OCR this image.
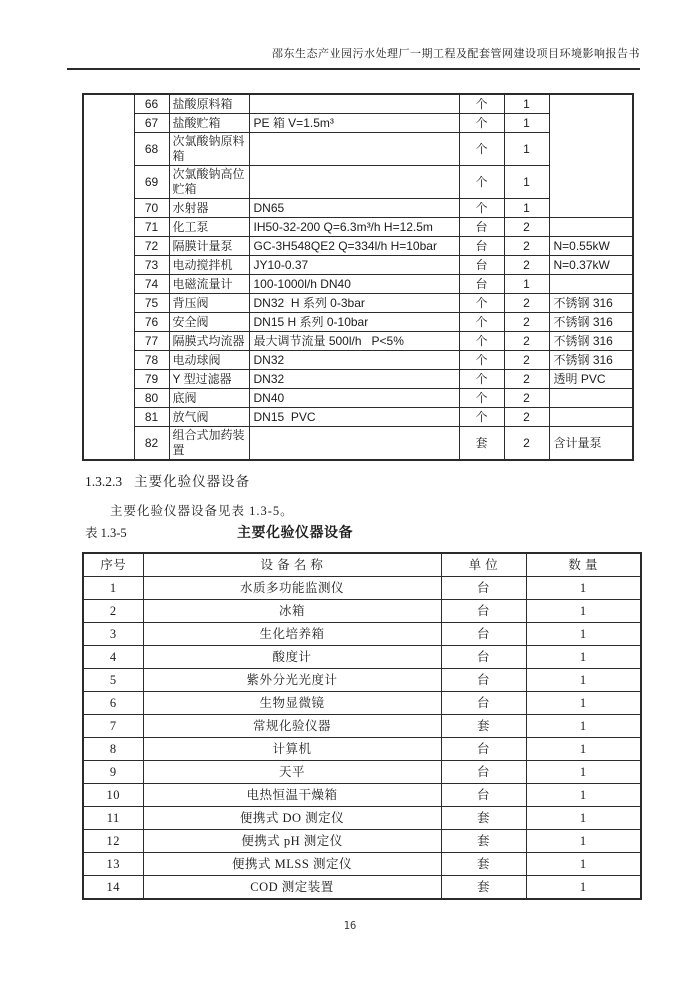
邵东生态产业园污水处理厂一期工程及配套管网建设项目环境影响报告书
	66	盐酸原料箱		个	1	
	67	盐酸贮箱	PE 箱 V=1.5m³	个	1	
	68	次氯酸钠原料箱		个	1	
	69	次氯酸钠高位贮箱		个	1	
	70	水射器	DN65	个	1	
	71	化工泵	IH50-32-200 Q=6.3m³/h H=12.5m	台	2	
	72	隔膜计量泵	GC-3H548QE2 Q=334l/h H=10bar	台	2	N=0.55kW
	73	电动搅拌机	JY10-0.37	台	2	N=0.37kW
	74	电磁流量计	100-1000l/h DN40	台	1	
	75	背压阀	DN32  H 系列 0-3bar	个	2	不锈钢 316
	76	安全阀	DN15 H 系列 0-10bar	个	2	不锈钢 316
	77	隔膜式均流器	最大调节流量 500l/h   P<5%	个	2	不锈钢 316
	78	电动球阀	DN32	个	2	不锈钢 316
	79	Y 型过滤器	DN32	个	2	透明 PVC
	80	底阀	DN40	个	2	
	81	放气阀	DN15  PVC	个	2	
	82	组合式加药装置		套	2	含计量泵
1.3.2.3 主要化验仪器设备
主要化验仪器设备见表 1.3-5。
表 1.3-5	主要化验仪器设备
序号	设 备 名 称	单 位	数 量
1	水质多功能监测仪	台	1
2	冰箱	台	1
3	生化培养箱	台	1
4	酸度计	台	1
5	紫外分光光度计	台	1
6	生物显微镜	台	1
7	常规化验仪器	套	1
8	计算机	台	1
9	天平	台	1
10	电热恒温干燥箱	台	1
11	便携式 DO 测定仪	套	1
12	便携式 pH 测定仪	套	1
13	便携式 MLSS 测定仪	套	1
14	COD 测定装置	套	1
16
